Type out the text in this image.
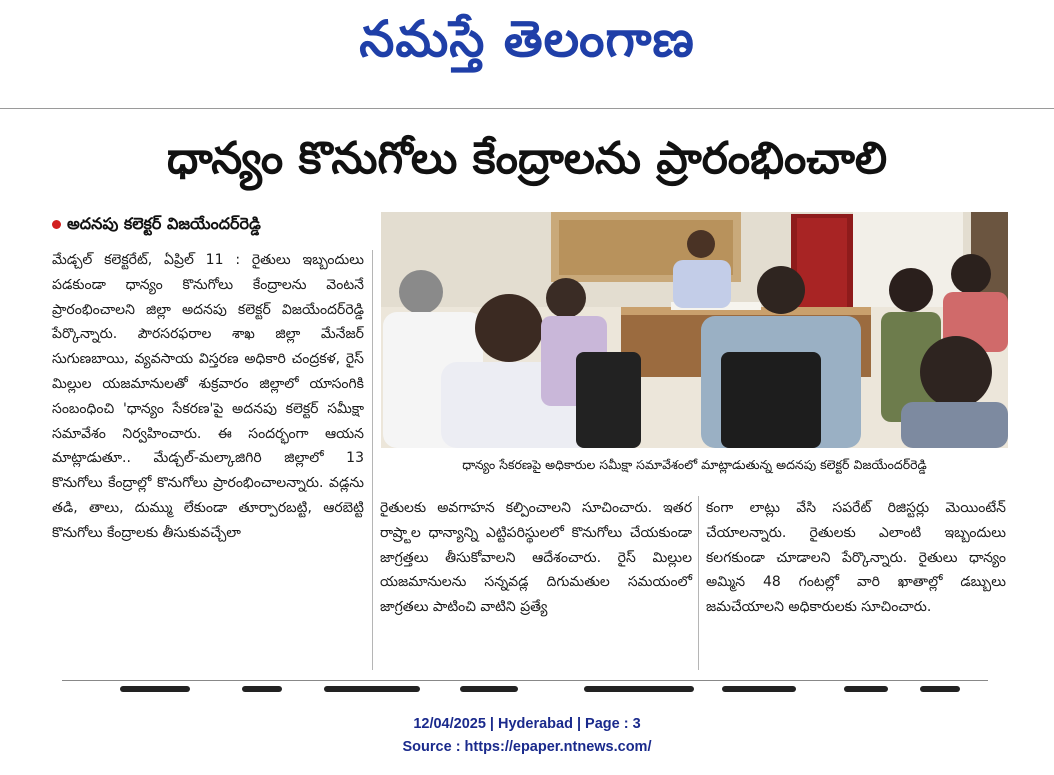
నమస్తే తెలంగాణ
ధాన్యం కొనుగోలు కేంద్రాలను ప్రారంభించాలి
అదనపు కలెక్టర్ విజయేందర్‌రెడ్డి
మేడ్చల్ కలెక్టరేట్, ఏప్రిల్ 11 : రైతులు ఇబ్బందులు పడకుండా ధాన్యం కొనుగోలు కేంద్రాలను వెంటనే ప్రారంభించాలని జిల్లా అదనపు కలెక్టర్ విజయేందర్‌రెడ్డి పేర్కొన్నారు. పౌరసరఫరాల శాఖ జిల్లా మేనేజర్ సుగుణబాయి, వ్యవసాయ విస్తరణ అధికారి చంద్రకళ, రైస్ మిల్లుల యజమానులతో శుక్రవారం జిల్లాలో యాసంగికి సంబంధించి 'ధాన్యం సేకరణ'పై అదనపు కలెక్టర్ సమీక్షా సమావేశం నిర్వహించారు. ఈ సందర్భంగా ఆయన మాట్లాడుతూ.. మేడ్చల్-మల్కాజిగిరి జిల్లాలో 13 కొనుగోలు కేంద్రాల్లో కొనుగోలు ప్రారంభించాలన్నారు. వడ్లను తడి, తాలు, దుమ్ము లేకుండా తూర్పారబట్టి, ఆరబెట్టి కొనుగోలు కేంద్రాలకు తీసుకువచ్చేలా
ధాన్యం సేకరణపై అధికారుల సమీక్షా సమావేశంలో మాట్లాడుతున్న అదనపు కలెక్టర్ విజయేందర్‌రెడ్డి
రైతులకు అవగాహన కల్పించాలని సూచించారు. ఇతర రాష్ర్టాల ధాన్యాన్ని ఎట్టిపరిస్థులలో కొనుగోలు చేయకుండా జాగ్రత్తలు తీసుకోవాలని ఆదేశంచారు. రైస్ మిల్లుల యజమానులను సన్నవడ్ల దిగుమతుల సమయంలో జాగ్రతలు పాటించి వాటిని ప్రత్యే
కంగా లాట్లు వేసి సపరేట్ రిజిస్టర్లు మెయింటేన్ చేయాలన్నారు. రైతులకు ఎలాంటి ఇబ్బందులు కలగకుండా చూడాలని పేర్కొన్నారు. రైతులు ధాన్యం అమ్మిన 48 గంటల్లో వారి ఖాతాల్లో డబ్బులు జమచేయాలని అధికారులకు సూచించారు.
12/04/2025 | Hyderabad | Page : 3
Source : https://epaper.ntnews.com/
